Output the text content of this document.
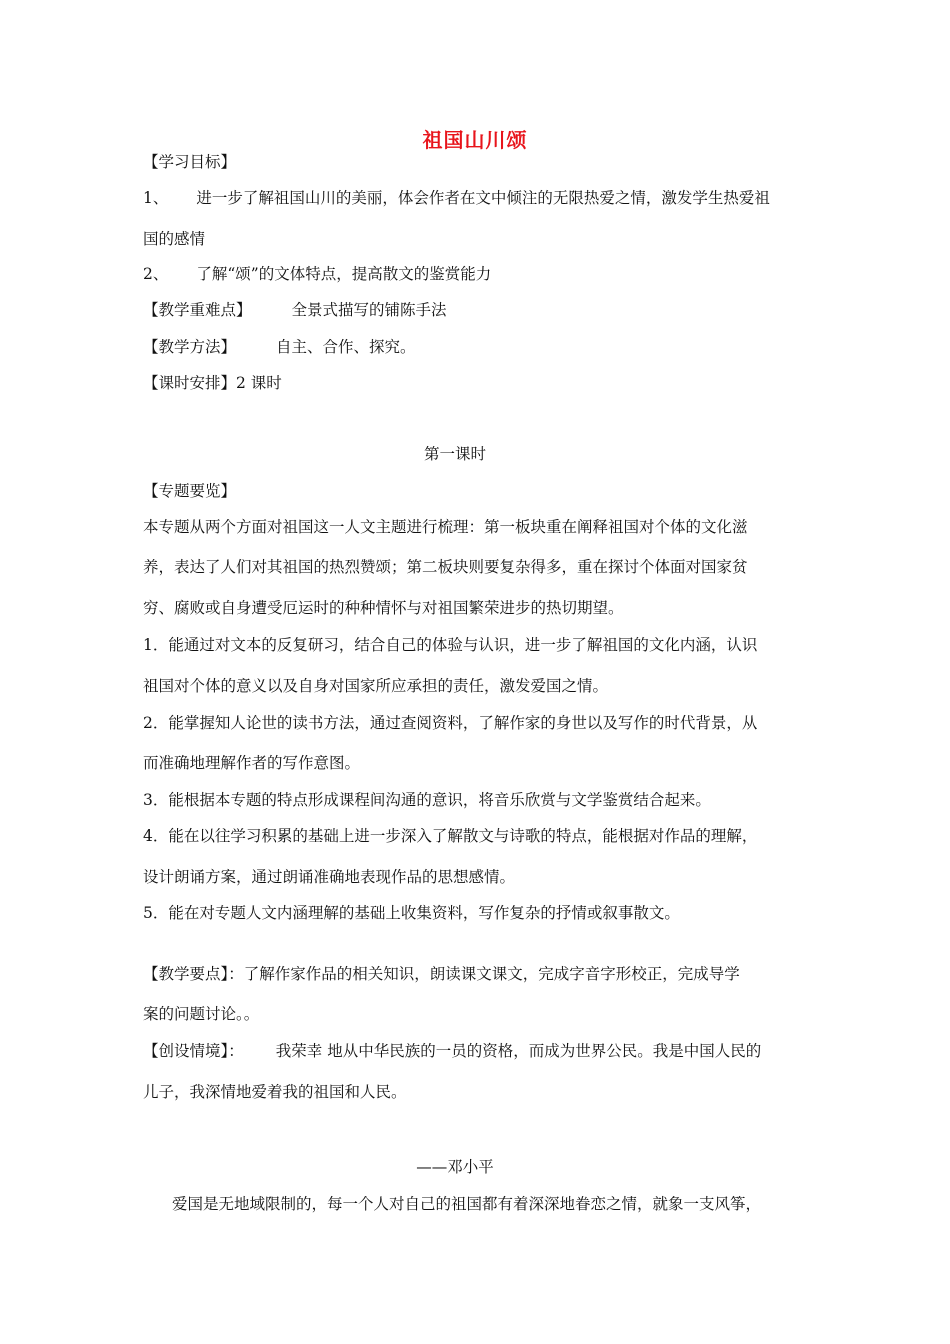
祖国山川颂
【学习目标】
1、 进一步了解祖国山川的美丽，体会作者在文中倾注的无限热爱之情，激发学生热爱祖
国的感情
2、 了解“颂”的文体特点，提高散文的鉴赏能力
【教学重难点】	全景式描写的铺陈手法
【教学方法】	自主、合作、探究。
【课时安排】2 课时
第一课时
【专题要览】
本专题从两个方面对祖国这一人文主题进行梳理：第一板块重在阐释祖国对个体的文化滋
养，表达了人们对其祖国的热烈赞颂；第二板块则要复杂得多，重在探讨个体面对国家贫
穷、腐败或自身遭受厄运时的种种情怀与对祖国繁荣进步的热切期望。
1．能通过对文本的反复研习，结合自己的体验与认识，进一步了解祖国的文化内涵，认识
祖国对个体的意义以及自身对国家所应承担的责任，激发爱国之情。
2．能掌握知人论世的读书方法，通过查阅资料，了解作家的身世以及写作的时代背景，从
而准确地理解作者的写作意图。
3．能根据本专题的特点形成课程间沟通的意识，将音乐欣赏与文学鉴赏结合起来。
4．能在以往学习积累的基础上进一步深入了解散文与诗歌的特点，能根据对作品的理解，
设计朗诵方案，通过朗诵准确地表现作品的思想感情。
5．能在对专题人文内涵理解的基础上收集资料，写作复杂的抒情或叙事散文。
【教学要点】：了解作家作品的相关知识，朗读课文课文，完成字音字形校正，完成导学
案的问题讨论。。
【创设情境】： 我荣幸 地从中华民族的一员的资格，而成为世界公民。我是中国人民的
儿子，我深情地爱着我的祖国和人民。
——邓小平
爱国是无地域限制的，每一个人对自己的祖国都有着深深地眷恋之情，就象一支风筝，
